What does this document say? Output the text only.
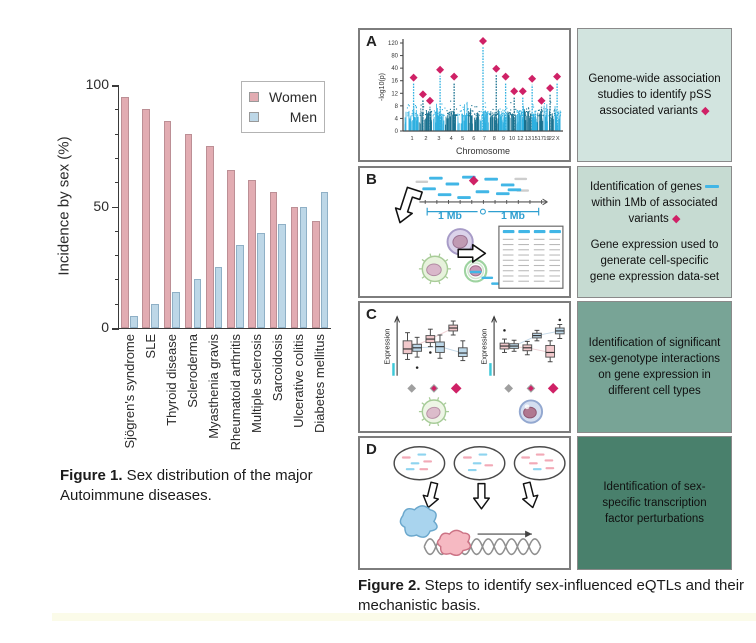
Incidence by sex (%)
0
50
100
Sjögren's syndrome SLE Thyroid disease Scleroderma Myasthenia gravis Rheumatoid arthritis Multiple sclerosis Sarcoidosis Ulcerative colitis Diabetes mellitus
Women
Men
Figure 1. Sex distribution of the major Autoimmune diseases.
A
0
4
8
12
16
40
80
120
-log10(p)
Chromosome
1 2 3 4 5 6 7 8 9 10 12 13 15 17 19 22 X
B
1 Mb	1 Mb
C
Expression	Expression
D
Genome-wide association studies to identify pSS associated variants ◆
Identification of genes  within 1Mb of associated variants ◆
Gene expression used to generate cell-specific gene expression data-set
Identification of significant sex-genotype interactions on gene expression in different cell types
Identification of sex-specific transcription factor perturbations
Figure 2. Steps to identify sex-influenced eQTLs and their mechanistic basis.
